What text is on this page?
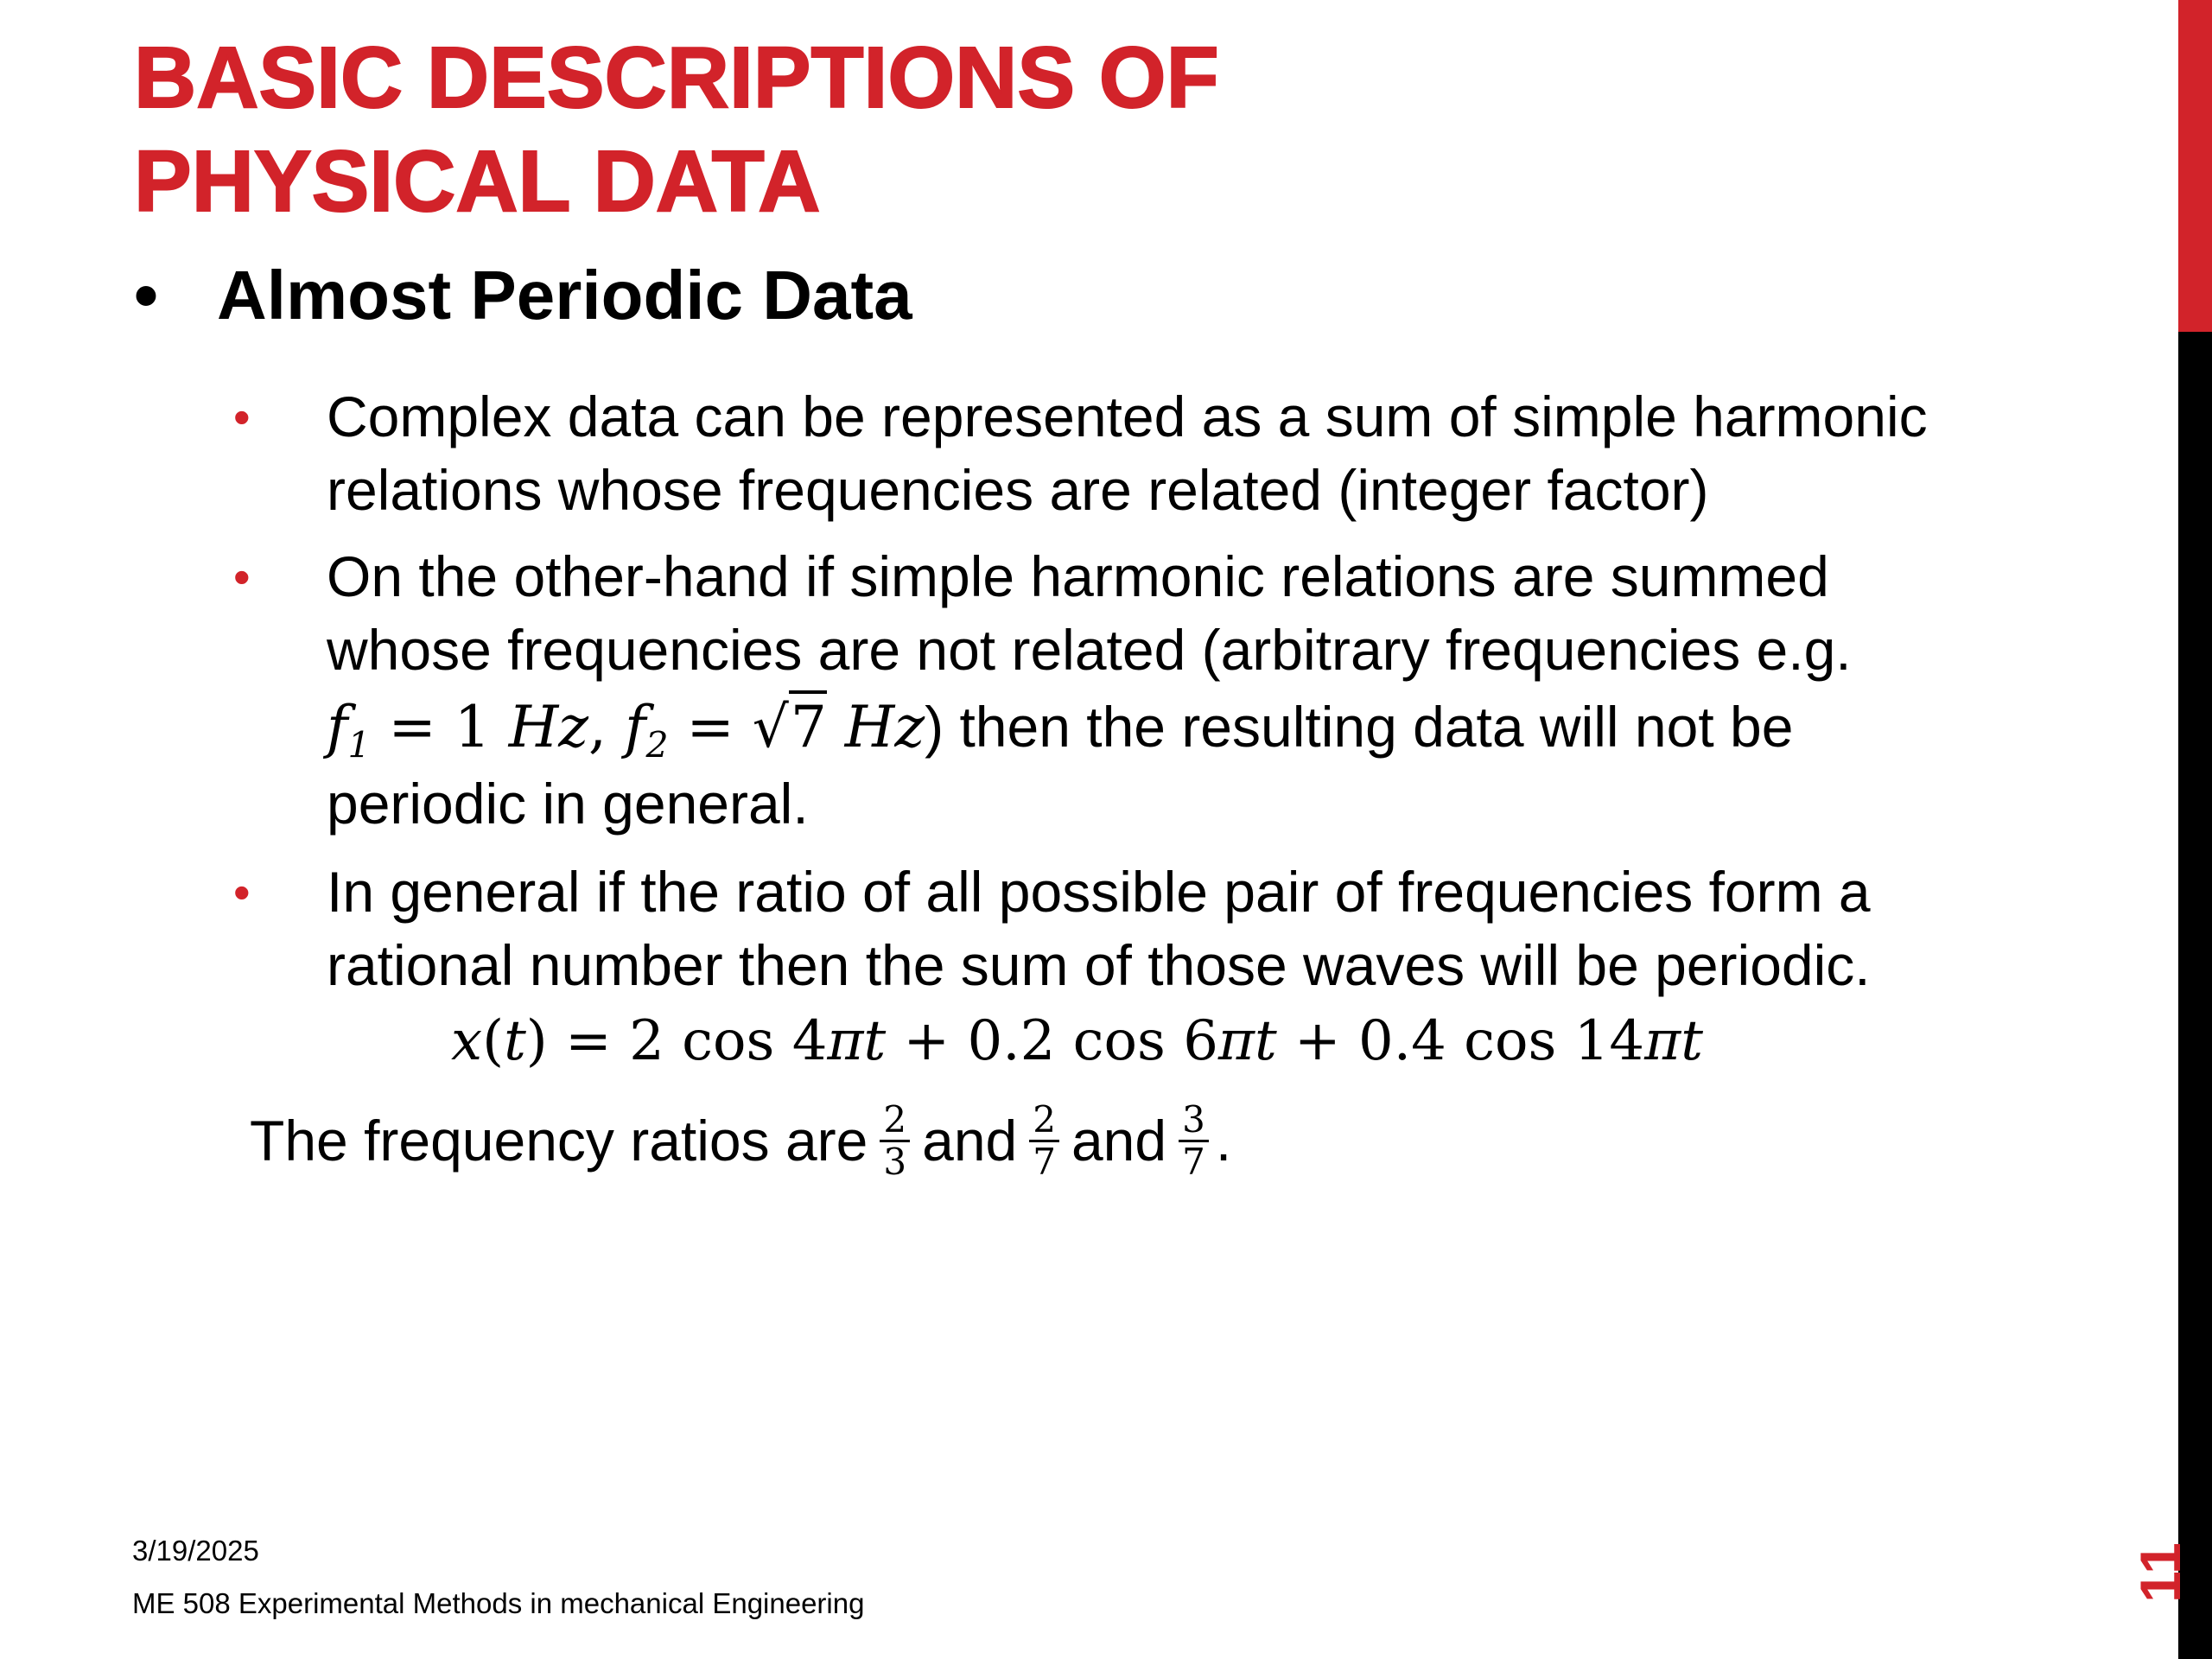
BASIC DESCRIPTIONS OF
PHYSICAL DATA
• Almost Periodic Data
• Complex data can be represented as a sum of simple harmonic
relations whose frequencies are related (integer factor)
• On the other-hand if simple harmonic relations are summed
whose frequencies are not related (arbitrary frequencies e.g.
$f_1 = 1$ Hz, $f_2 = √7$ Hz) then the resulting data will not be
periodic in general.
• In general if the ratio of all possible pair of frequencies form a
rational number then the sum of those waves will be periodic.
x(t) = 2 cos 4πt + 0.2 cos 6πt + 0.4 cos 14πt
The frequency ratios are $\frac{2}{3}$ and $\frac{2}{7}$ and $\frac{3}{7}$ .
3/19/2025
ME 508 Experimental Methods in mechanical Engineering
11
